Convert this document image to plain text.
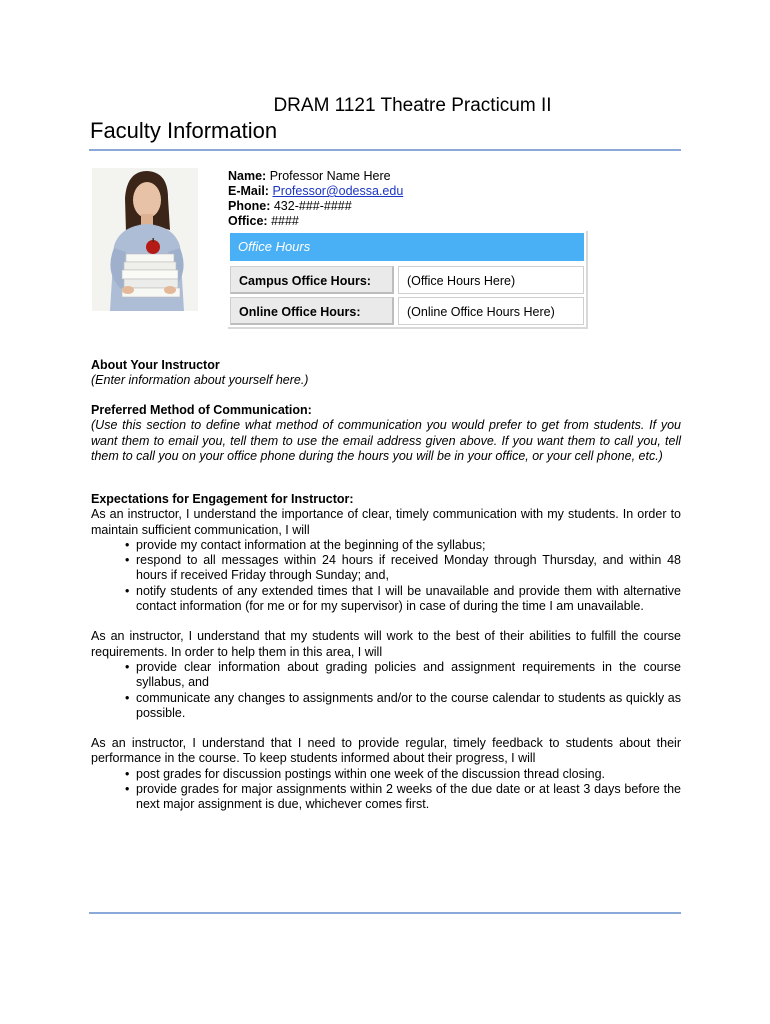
DRAM 1121 Theatre Practicum II
Faculty Information
Name: Professor Name Here
E-Mail: Professor@odessa.edu
Phone: 432-###-####
Office: ####
Office Hours
Campus Office Hours:	(Office Hours Here)
Online Office Hours:	(Online Office Hours Here)

About Your Instructor

(Enter information about yourself here.)

Preferred Method of Communication:

(Use this section to define what method of communication you would prefer to get from students. If you want them to email you, tell them to use the email address given above. If you want them to call you, tell them to call you on your office phone during the hours you will be in your office, or your cell phone, etc.)

Expectations for Engagement for Instructor:

As an instructor, I understand the importance of clear, timely communication with my students. In order to maintain sufficient communication, I will

• provide my contact information at the beginning of the syllabus;
• respond to all messages within 24 hours if received Monday through Thursday, and within 48 hours if received Friday through Sunday; and,
• notify students of any extended times that I will be unavailable and provide them with alternative contact information (for me or for my supervisor) in case of during the time I am unavailable.

As an instructor, I understand that my students will work to the best of their abilities to fulfill the course requirements. In order to help them in this area, I will

• provide clear information about grading policies and assignment requirements in the course syllabus, and
• communicate any changes to assignments and/or to the course calendar to students as quickly as possible.

As an instructor, I understand that I need to provide regular, timely feedback to students about their performance in the course. To keep students informed about their progress, I will

• post grades for discussion postings within one week of the discussion thread closing.
• provide grades for major assignments within 2 weeks of the due date or at least 3 days before the next major assignment is due, whichever comes first.
